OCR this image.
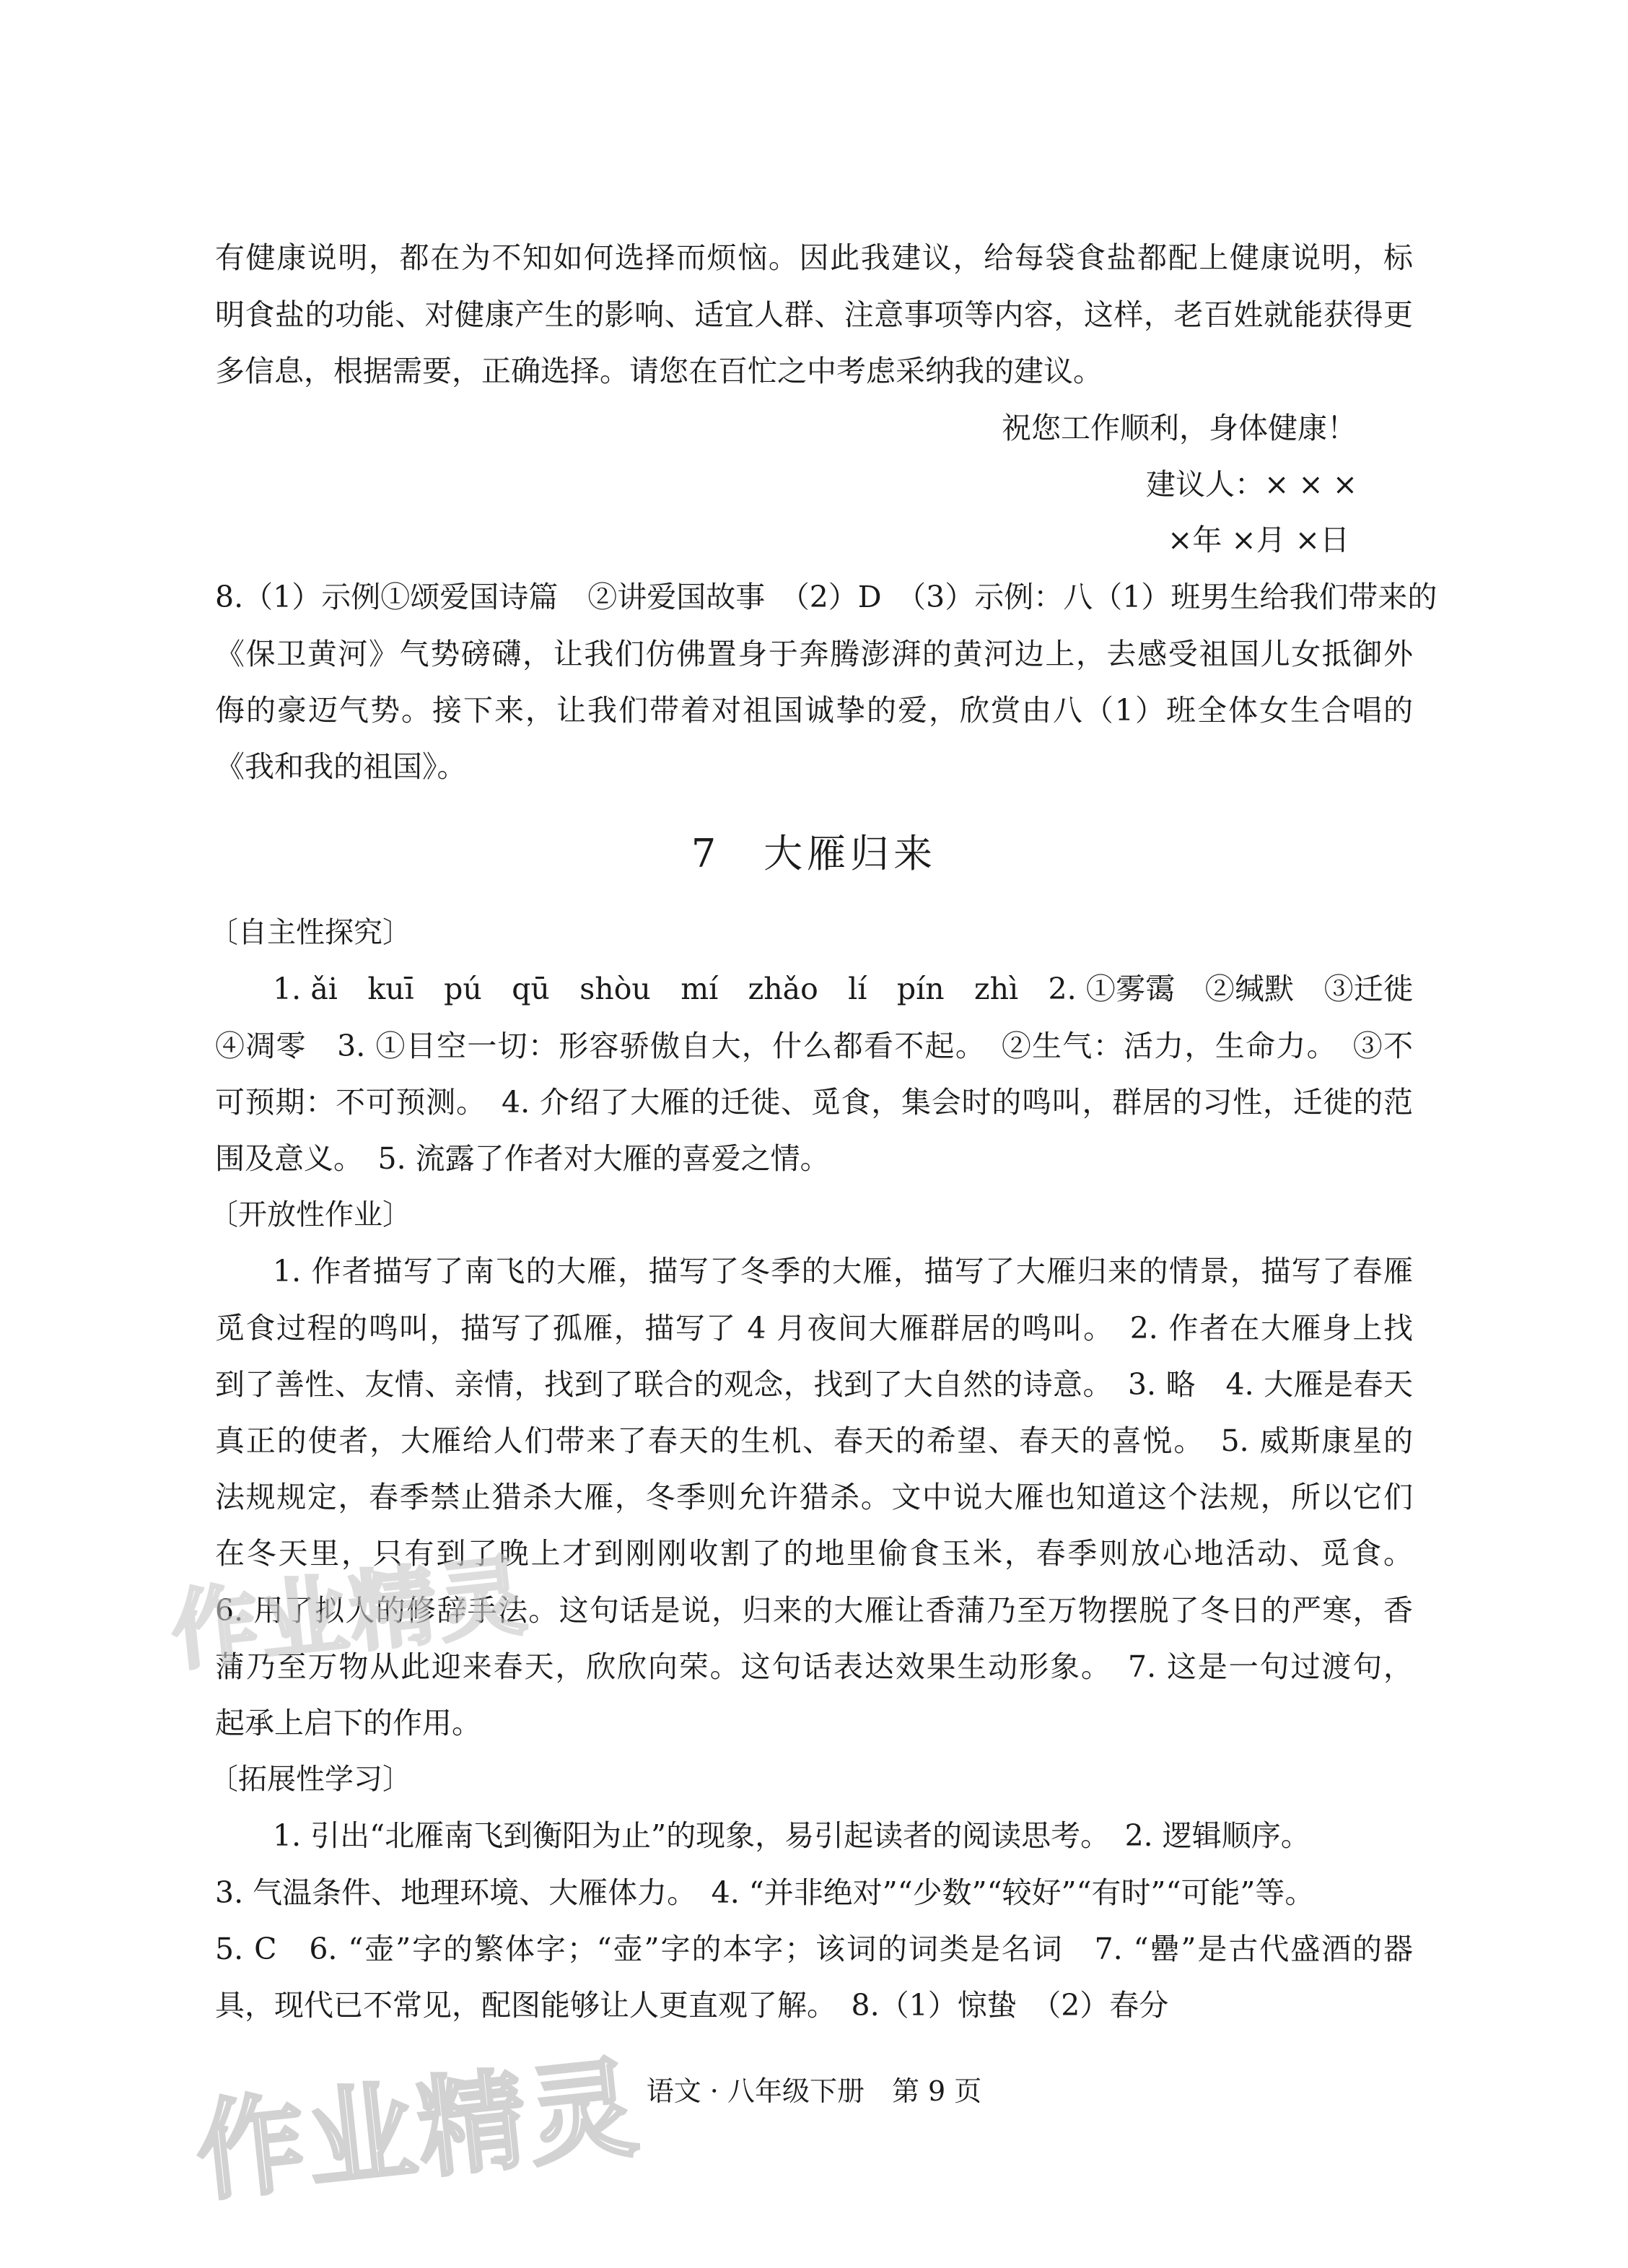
有健康说明，都在为不知如何选择而烦恼。因此我建议，给每袋食盐都配上健康说明，标
明食盐的功能、对健康产生的影响、适宜人群、注意事项等内容，这样，老百姓就能获得更
多信息，根据需要，正确选择。请您在百忙之中考虑采纳我的建议。
祝您工作顺利，身体健康！
建议人：× × ×
×年 ×月 ×日
8.（1）示例①颂爱国诗篇　②讲爱国故事　（2）D　（3）示例：八（1）班男生给我们带来的
《保卫黄河》气势磅礴，让我们仿佛置身于奔腾澎湃的黄河边上，去感受祖国儿女抵御外
侮的豪迈气势。接下来，让我们带着对祖国诚挚的爱，欣赏由八（1）班全体女生合唱的
《我和我的祖国》。
7 大雁归来
〔自主性探究〕
1. ǎi　kuī　pú　qū　shòu　mí　zhǎo　lí　pín　zhì　2. ①雾霭　②缄默　③迁徙
④凋零　3. ①目空一切：形容骄傲自大，什么都看不起。　②生气：活力，生命力。　③不
可预期：不可预测。　4. 介绍了大雁的迁徙、觅食，集会时的鸣叫，群居的习性，迁徙的范
围及意义。　5. 流露了作者对大雁的喜爱之情。
〔开放性作业〕
1. 作者描写了南飞的大雁，描写了冬季的大雁，描写了大雁归来的情景，描写了春雁
觅食过程的鸣叫，描写了孤雁，描写了 4 月夜间大雁群居的鸣叫。　2. 作者在大雁身上找
到了善性、友情、亲情，找到了联合的观念，找到了大自然的诗意。　3. 略　4. 大雁是春天
真正的使者，大雁给人们带来了春天的生机、春天的希望、春天的喜悦。　5. 威斯康星的
法规规定，春季禁止猎杀大雁，冬季则允许猎杀。文中说大雁也知道这个法规，所以它们
在冬天里，只有到了晚上才到刚刚收割了的地里偷食玉米，春季则放心地活动、觅食。
6. 用了拟人的修辞手法。这句话是说，归来的大雁让香蒲乃至万物摆脱了冬日的严寒，香
蒲乃至万物从此迎来春天，欣欣向荣。这句话表达效果生动形象。　7. 这是一句过渡句，
起承上启下的作用。
〔拓展性学习〕
1. 引出“北雁南飞到衡阳为止”的现象，易引起读者的阅读思考。　2. 逻辑顺序。
3. 气温条件、地理环境、大雁体力。　4. “并非绝对”“少数”“较好”“有时”“可能”等。
5. C　6. “壶”字的繁体字；“壶”字的本字；该词的词类是名词　7. “罍”是古代盛酒的器
具，现代已不常见，配图能够让人更直观了解。　8.（1）惊蛰　（2）春分
语文 · 八年级下册　第 9 页
作业精灵
作业精灵
